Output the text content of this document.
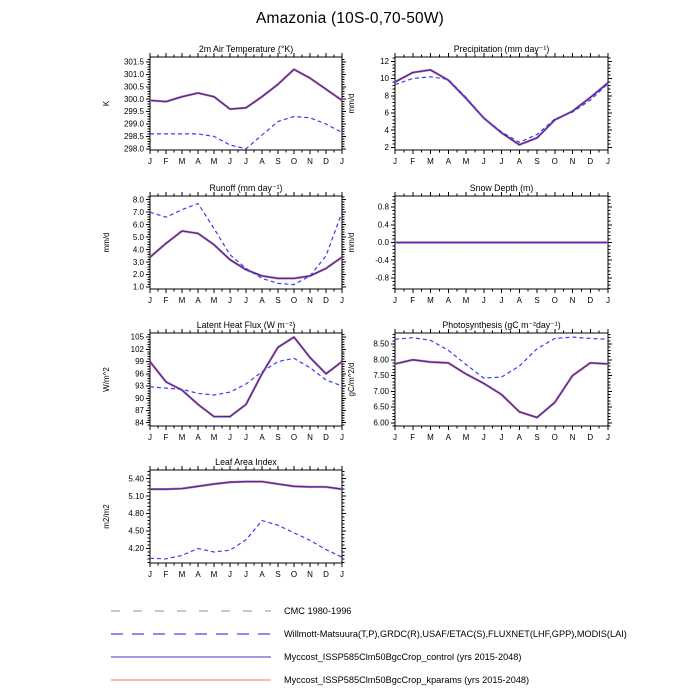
Amazonia (10S-0,70-50W)
J F M A M J J A S O N D J
298.0
298.5
299.0
299.5
300.0
300.5
301.0
301.5
2m Air Temperature (°K)
K
J F M A M J J A S O N D J
2
4
6
8
10
12
Precipitation (mm day⁻¹)
mm/d
J F M A M J J A S O N D J
1.0
2.0
3.0
4.0
5.0
6.0
7.0
8.0
Runoff (mm day⁻¹)
mm/d
J F M A M J J A S O N D J
-0.8
-0.4
0.0
0.4
0.8
Snow Depth (m)
mm/d
J F M A M J J A S O N D J
84
87
90
93
96
99
102
105
Latent Heat Flux (W m⁻²)
W/m^2
J F M A M J J A S O N D J
6.00
6.50
7.00
7.50
8.00
8.50
Photosynthesis (gC m⁻²day⁻¹)
gC/m^2/d
J F M A M J J A S O N D J
4.20
4.50
4.80
5.10
5.40
Leaf Area Index
m2/m2
CMC 1980-1996
Willmott-Matsuura(T,P),GRDC(R),USAF/ETAC(S),FLUXNET(LHF,GPP),MODIS(LAI)
Myccost_ISSP585Clm50BgcCrop_control (yrs 2015-2048)
Myccost_ISSP585Clm50BgcCrop_kparams (yrs 2015-2048)
